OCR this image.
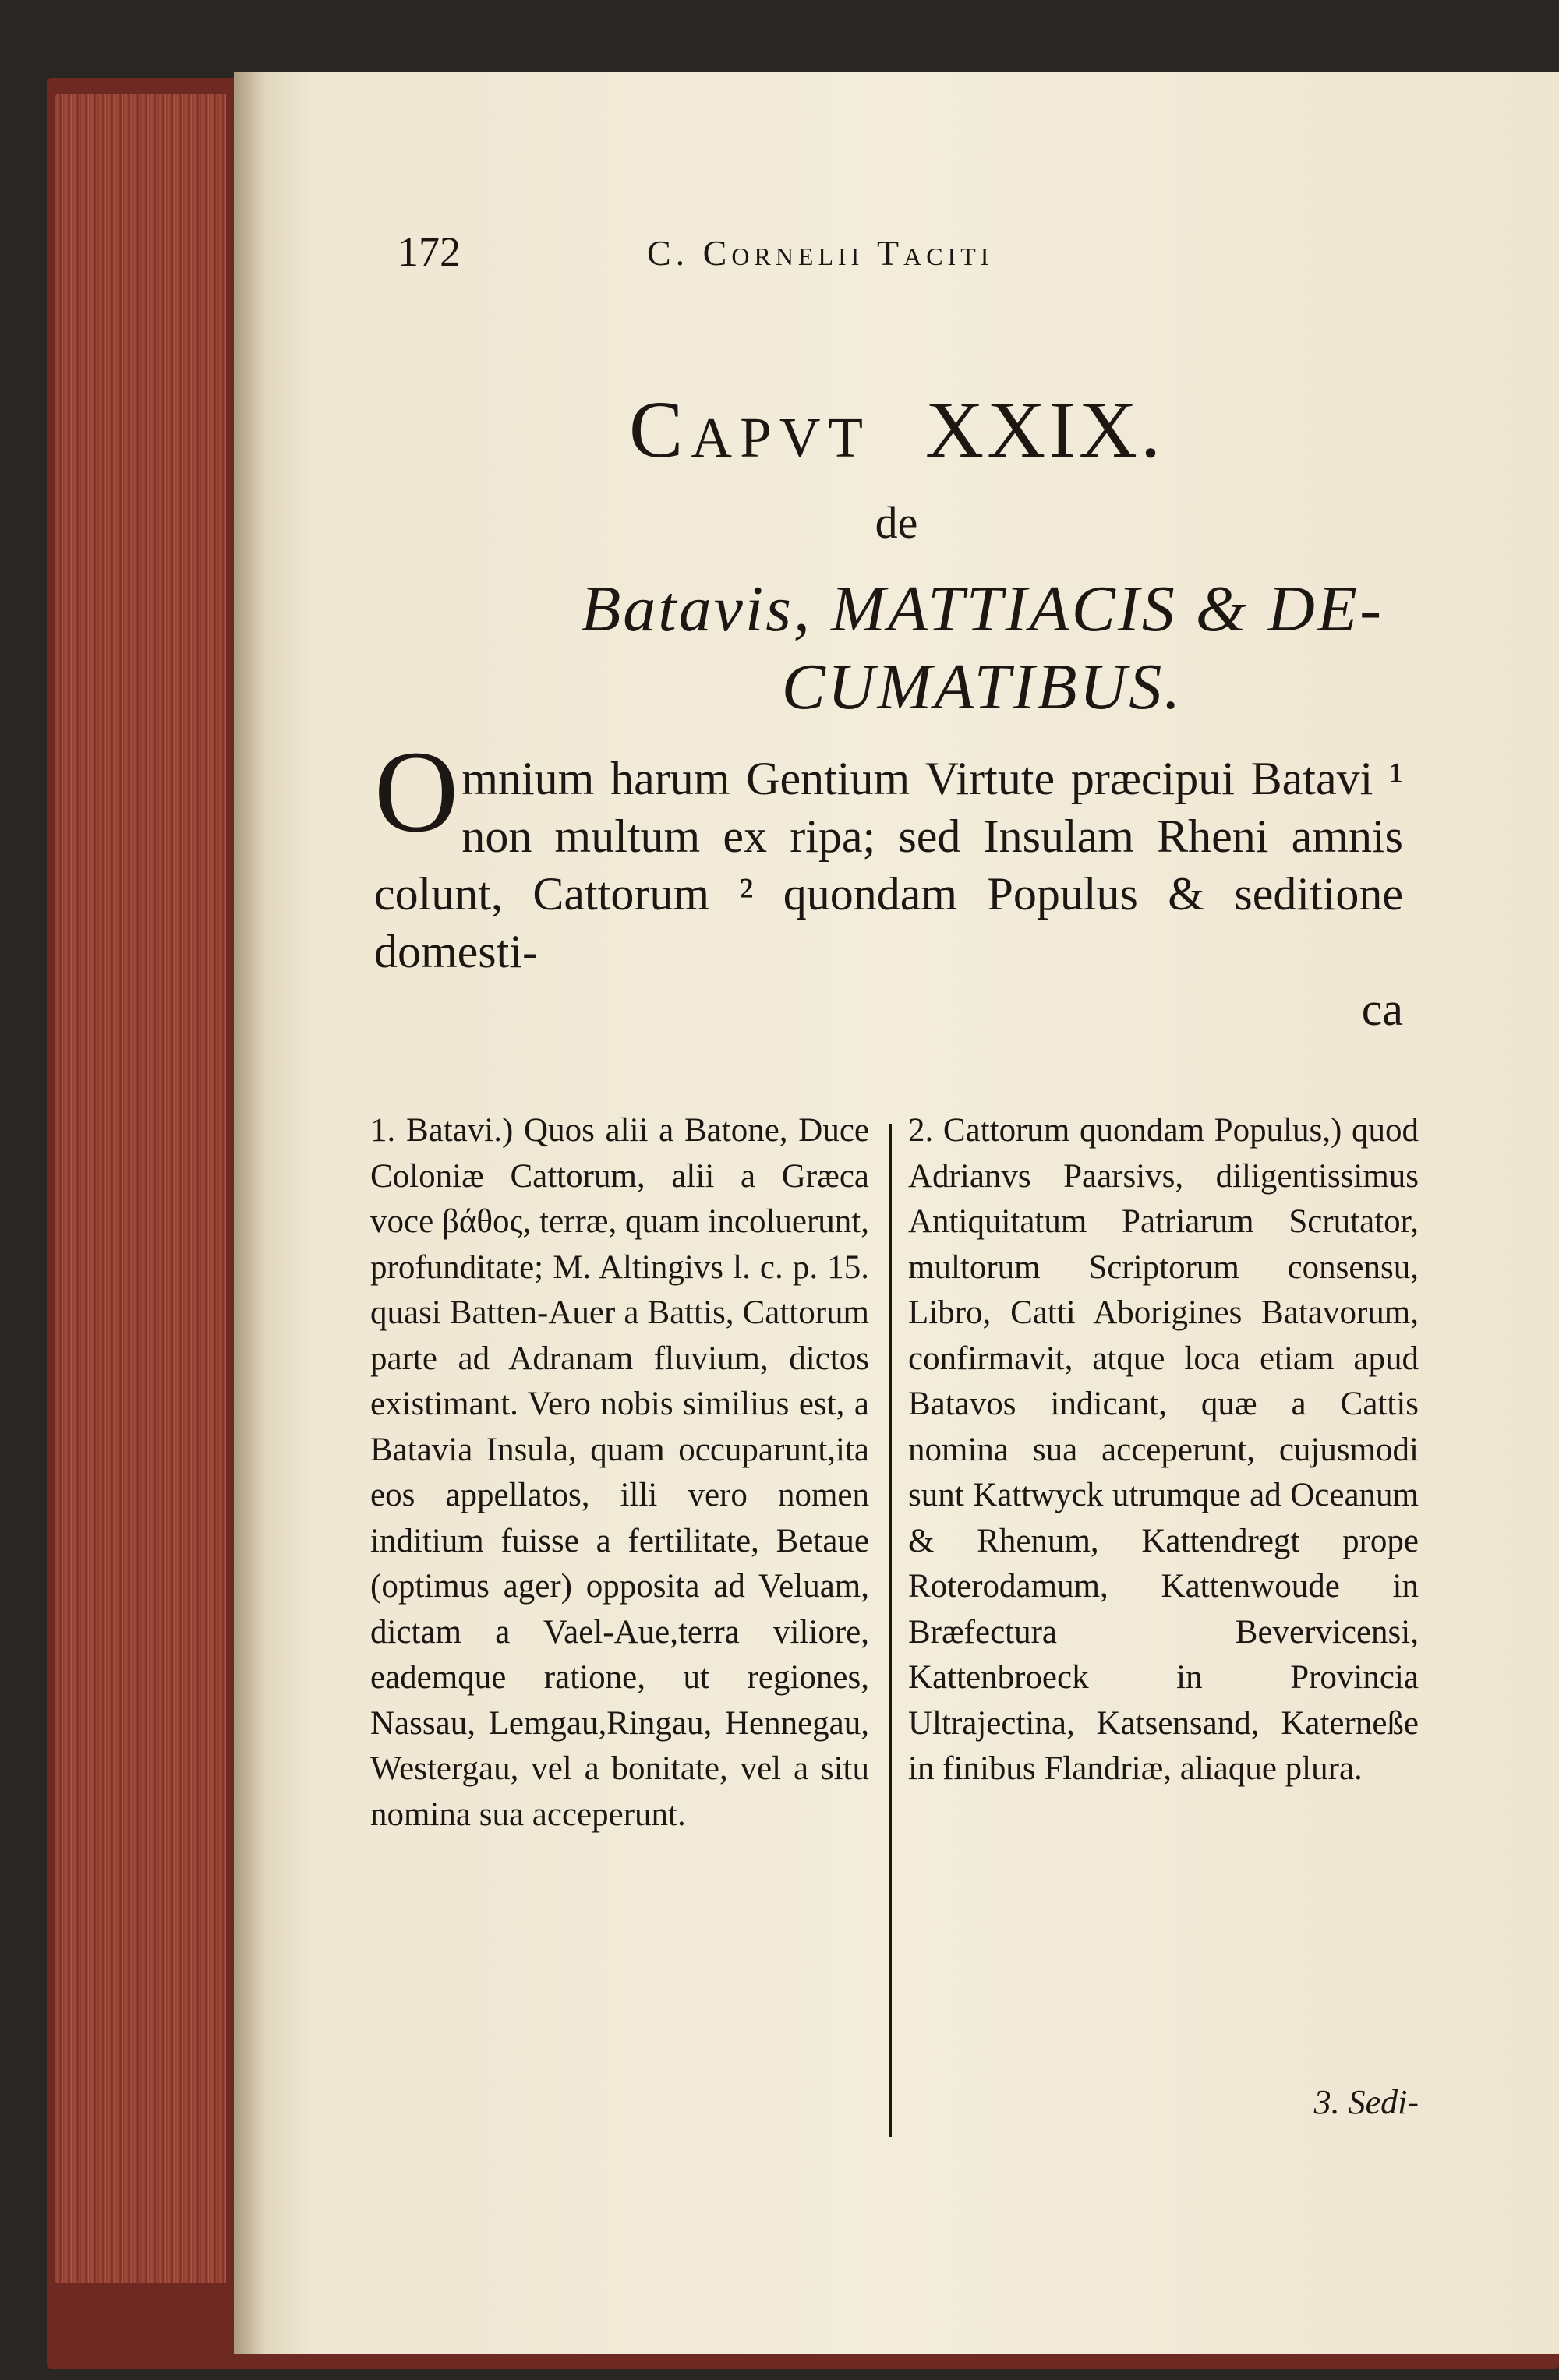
172	C. Cornelii Taciti
Capvt XXIX.
de
Batavis, MATTIACIS & DE-CUMATIBUS.
O mnium harum Gentium Virtute præcipui Batavi ¹ non multum ex ripa; sed Insulam Rheni amnis colunt, Cattorum ² quondam Populus & seditione domesti-
ca
1. Batavi.) Quos alii a Batone, Duce Coloniæ Cattorum, alii a Græca voce βάθος, terræ, quam incoluerunt, profunditate; M. Altingivs l. c. p. 15. quasi Batten-Auer a Battis, Cattorum parte ad Adranam fluvium, dictos existimant. Vero nobis similius est, a Batavia Insula, quam occuparunt,ita eos appellatos, illi vero nomen inditium fuisse a fertilitate, Betaue (optimus ager) opposita ad Veluam, dictam a Vael-Aue,terra viliore, eademque ratione, ut regiones, Nassau, Lemgau,Ringau, Hennegau, Westergau, vel a bonitate, vel a situ nomina sua acceperunt.
2. Cattorum quondam Populus,) quod Adrianvs Paarsivs, diligentissimus Antiquitatum Patriarum Scrutator, multorum Scriptorum consensu, Libro, Catti Aborigines Batavorum, confirmavit, atque loca etiam apud Batavos indicant, quæ a Cattis nomina sua acceperunt, cujusmodi sunt Kattwyck utrumque ad Oceanum & Rhenum, Kattendregt prope Roterodamum, Kattenwoude in Bræfectura Bevervicensi, Kattenbroeck in Provincia Ultrajectina, Katsensand, Katerneße in finibus Flandriæ, aliaque plura.
3. Sedi-
